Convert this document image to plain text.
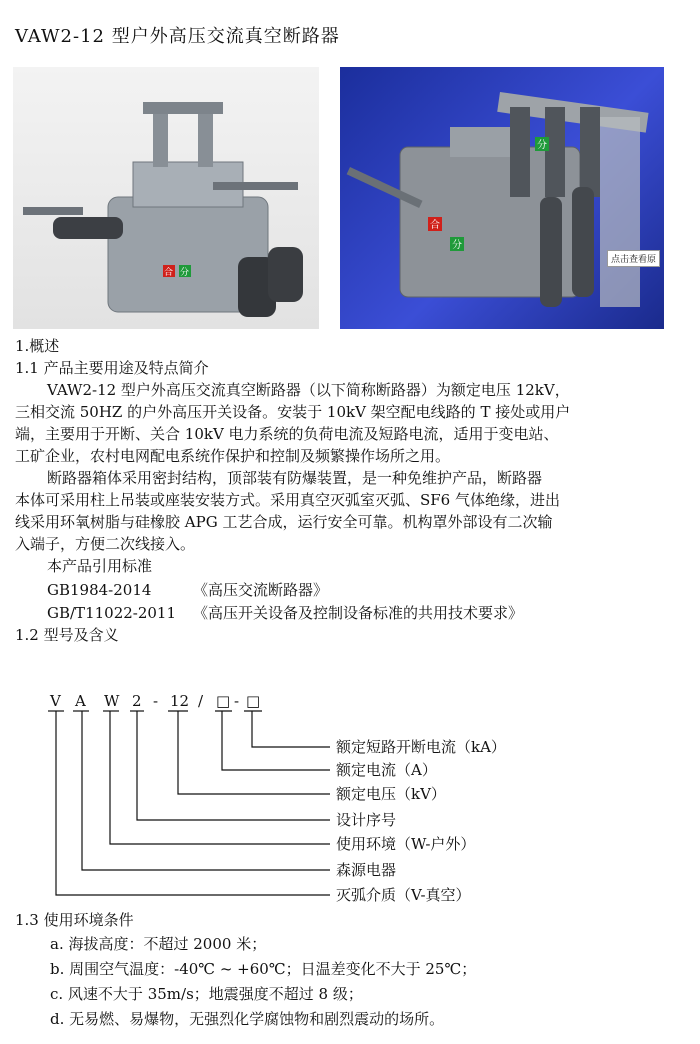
VAW2-12 型户外高压交流真空断路器
合 分
分
合
分
点击查看原
1.概述
1.1 产品主要用途及特点简介
VAW2-12 型户外高压交流真空断路器（以下简称断路器）为额定电压 12kV，
三相交流 50HZ 的户外高压开关设备。安装于 10kV 架空配电线路的 T 接处或用户
端，主要用于开断、关合 10kV 电力系统的负荷电流及短路电流，适用于变电站、
工矿企业，农村电网配电系统作保护和控制及频繁操作场所之用。
断路器箱体采用密封结构，顶部装有防爆装置，是一种免维护产品，断路器
本体可采用柱上吊装或座装安装方式。采用真空灭弧室灭弧、SF6 气体绝缘，进出
线采用环氧树脂与硅橡胶 APG 工艺合成，运行安全可靠。机构罩外部设有二次输
入端子，方便二次线接入。
本产品引用标准
GB1984-2014	《高压交流断路器》
GB/T11022-2011 《高压开关设备及控制设备标准的共用技术要求》
1.2 型号及含义
V A W 2 - 12 / □ - □
额定短路开断电流（kA）
额定电流（A）
额定电压（kV）
设计序号
使用环境（W-户外）
森源电器
灭弧介质（V-真空）
1.3 使用环境条件
a. 海拔高度：不超过 2000 米；
b. 周围空气温度：-40℃ ~ +60℃；日温差变化不大于 25℃；
c. 风速不大于 35m/s；地震强度不超过 8 级；
d. 无易燃、易爆物，无强烈化学腐蚀物和剧烈震动的场所。
